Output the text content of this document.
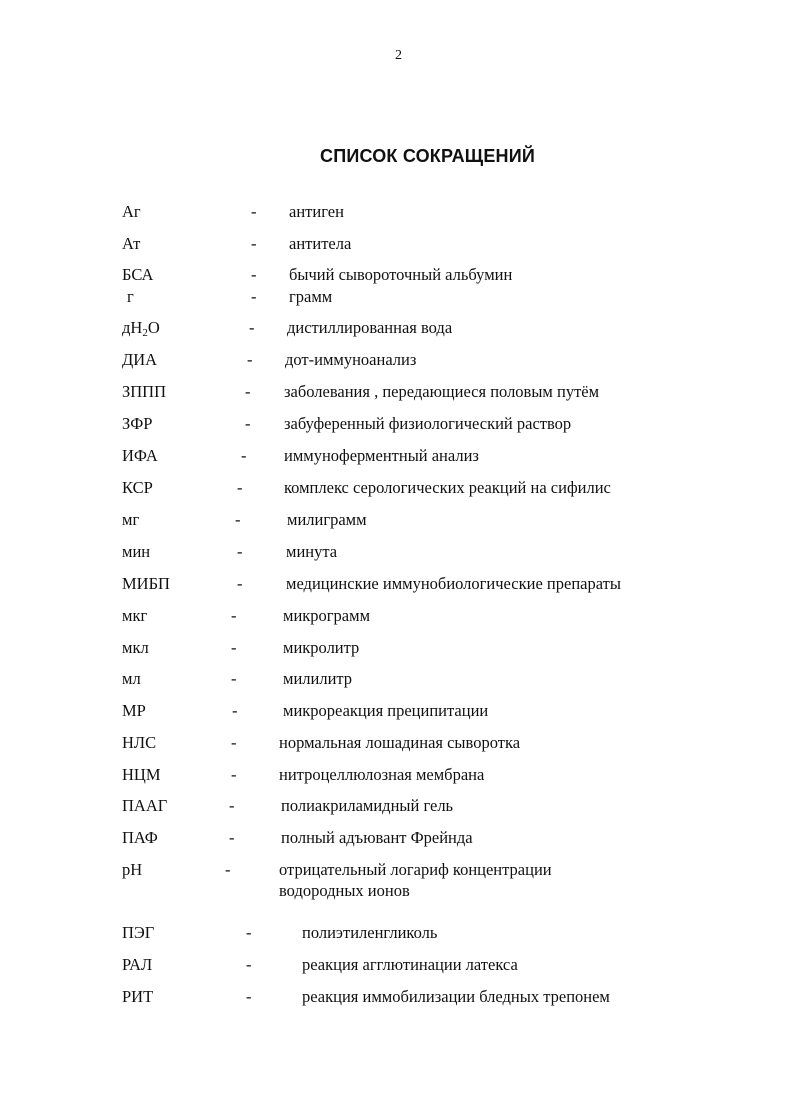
2
СПИСОК СОКРАЩЕНИЙ
Аг	- антиген
Ат	- антитела
БСА	- бычий сывороточный альбумин
г	- грамм
$дН_2О$	- дистиллированная вода
ДИА	- дот-иммуноанализ
ЗППП	- заболевания , передающиеся половым путём
ЗФР	- забуференный физиологический раствор
ИФА	- иммуноферментный анализ
КСР	-	комплекс серологических реакций на сифилис
мг	-	милиграмм
мин	-	минута
МИБП	-	медицинские иммунобиологические препараты
мкг	-	микрограмм
мкл	-	микролитр
мл	-	милилитр
МР	-	микрореакция преципитации
НЛС	-	нормальная лошадиная сыворотка
НЦМ	-	нитроцеллюлозная мембрана
ПААГ	-	полиакриламидный гель
ПАФ	-	полный адъювант Фрейнда
pH	-	отрицательный логариф концентрации
водородных ионов
ПЭГ	-	полиэтиленгликоль
РАЛ	-	реакция агглютинации латекса
РИТ	-	реакция иммобилизации бледных трепонем
